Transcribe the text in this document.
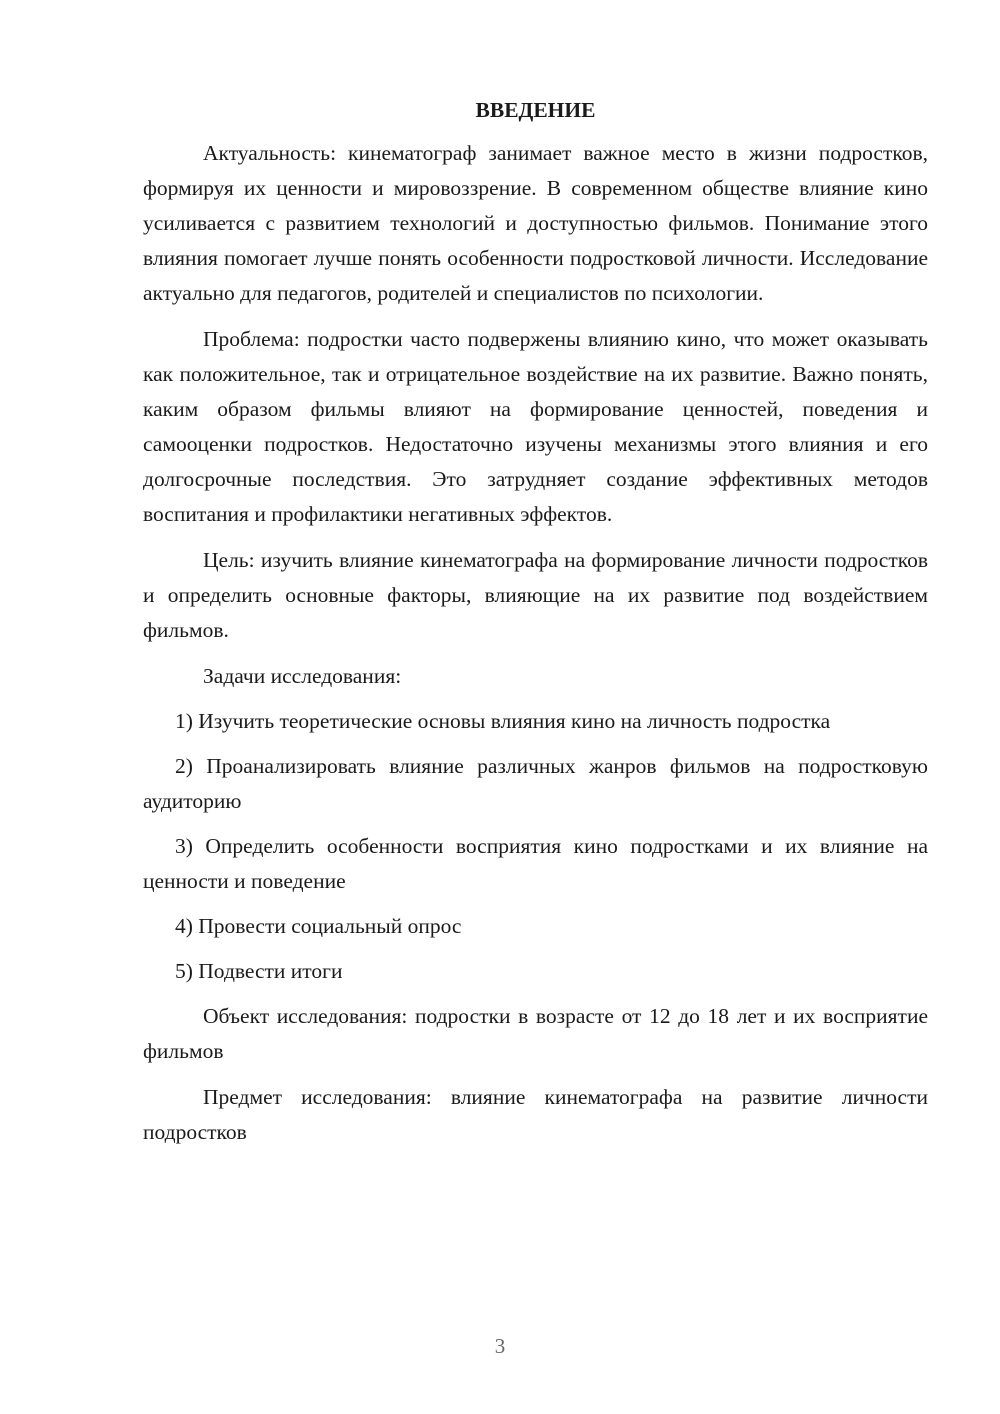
ВВЕДЕНИЕ

Актуальность: кинематограф занимает важное место в жизни подростков, формируя их ценности и мировоззрение. В современном обществе влияние кино усиливается с развитием технологий и доступностью фильмов. Понимание этого влияния помогает лучше понять особенности подростковой личности. Исследование актуально для педагогов, родителей и специалистов по психологии.

Проблема: подростки часто подвержены влиянию кино, что может оказывать как положительное, так и отрицательное воздействие на их развитие. Важно понять, каким образом фильмы влияют на формирование ценностей, поведения и самооценки подростков. Недостаточно изучены механизмы этого влияния и его долгосрочные последствия. Это затрудняет создание эффективных методов воспитания и профилактики негативных эффектов.

Цель: изучить влияние кинематографа на формирование личности подростков и определить основные факторы, влияющие на их развитие под воздействием фильмов.

Задачи исследования:

1) Изучить теоретические основы влияния кино на личность подростка

2) Проанализировать влияние различных жанров фильмов на подростковую аудиторию

3) Определить особенности восприятия кино подростками и их влияние на ценности и поведение

4) Провести социальный опрос

5) Подвести итоги

Объект исследования: подростки в возрасте от 12 до 18 лет и их восприятие фильмов

Предмет исследования: влияние кинематографа на развитие личности подростков

3
